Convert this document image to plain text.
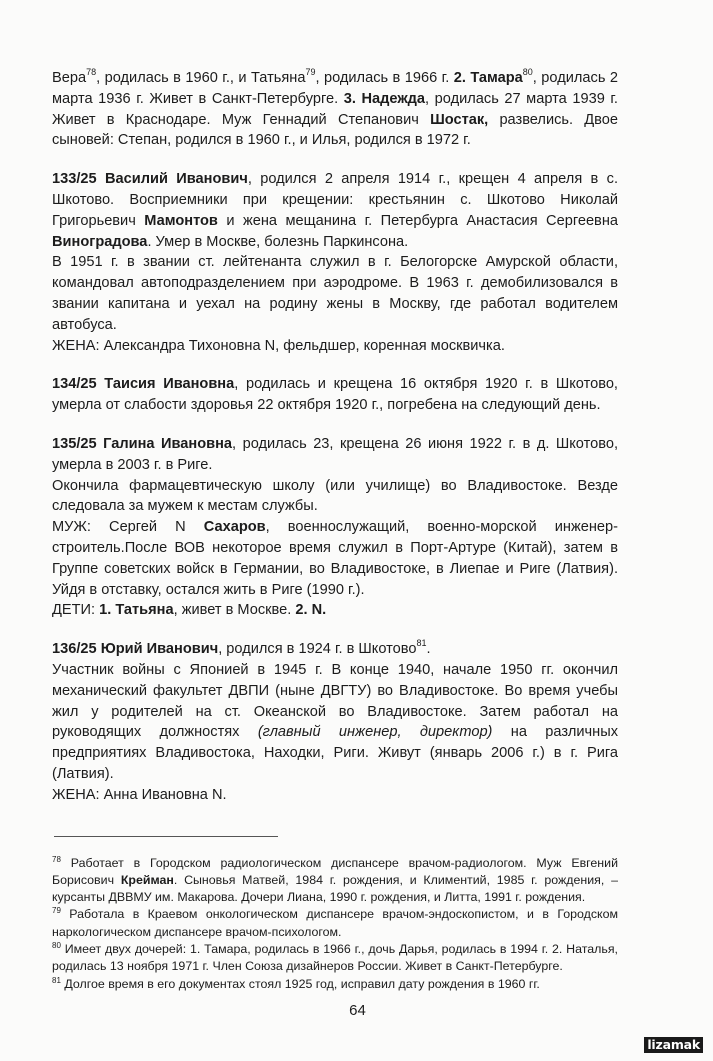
Вера$^{78}$, родилась в 1960 г., и Татьяна$^{79}$, родилась в 1966 г. 2. Тамара$^{80}$, родилась 2 марта 1936 г. Живет в Санкт-Петербурге. 3. Надежда, родилась 27 марта 1939 г. Живет в Краснодаре. Муж Геннадий Степанович Шостак, развелись. Двое сыновей: Степан, родился в 1960 г., и Илья, родился в 1972 г.

133/25 Василий Иванович, родился 2 апреля 1914 г., крещен 4 апреля в с. Шкотово. Восприемники при крещении: крестьянин с. Шкотово Николай Григорьевич Мамонтов и жена мещанина г. Петербурга Анастасия Сергеевна Виноградова. Умер в Москве, болезнь Паркинсона.

В 1951 г. в звании ст. лейтенанта служил в г. Белогорске Амурской области, командовал автоподразделением при аэродроме. В 1963 г. демобилизовался в звании капитана и уехал на родину жены в Москву, где работал водителем автобуса.

ЖЕНА: Александра Тихоновна N, фельдшер, коренная москвичка.

134/25 Таисия Ивановна, родилась и крещена 16 октября 1920 г. в Шкотово, умерла от слабости здоровья 22 октября 1920 г., погребена на следующий день.

135/25 Галина Ивановна, родилась 23, крещена 26 июня 1922 г. в д. Шкотово, умерла в 2003 г. в Риге.

Окончила фармацевтическую школу (или училище) во Владивостоке. Везде следовала за мужем к местам службы.

МУЖ: Сергей N Сахаров, военнослужащий, военно-морской инженер-строитель.После ВОВ некоторое время служил в Порт-Артуре (Китай), затем в Группе советских войск в Германии, во Владивостоке, в Лиепае и Риге (Латвия). Уйдя в отставку, остался жить в Риге (1990 г.).

ДЕТИ: 1. Татьяна, живет в Москве. 2. N.

136/25 Юрий Иванович, родился в 1924 г. в Шкотово$^{81}$.

Участник войны с Японией в 1945 г. В конце 1940, начале 1950 гг. окончил механический факультет ДВПИ (ныне ДВГТУ) во Владивостоке. Во время учебы жил у родителей на ст. Океанской во Владивостоке. Затем работал на руководящих должностях (главный инженер, директор) на различных предприятиях Владивостока, Находки, Риги. Живут (январь 2006 г.) в г. Рига (Латвия).

ЖЕНА: Анна Ивановна N.

$^{78}$ Работает в Городском радиологическом диспансере врачом-радиологом. Муж Евгений Борисович Крейман. Сыновья Матвей, 1984 г. рождения, и Климентий, 1985 г. рождения, – курсанты ДВВМУ им. Макарова. Дочери Лиана, 1990 г. рождения, и Литта, 1991 г. рождения.

$^{79}$ Работала в Краевом онкологическом диспансере врачом-эндоскопистом, и в Городском наркологическом диспансере врачом-психологом.

$^{80}$ Имеет двух дочерей: 1. Тамара, родилась в 1966 г., дочь Дарья, родилась в 1994 г. 2. Наталья, родилась 13 ноября 1971 г. Член Союза дизайнеров России. Живет в Санкт-Петербурге.

$^{81}$ Долгое время в его документах стоял 1925 год, исправил дату рождения в 1960 гг.

64
lizamak
